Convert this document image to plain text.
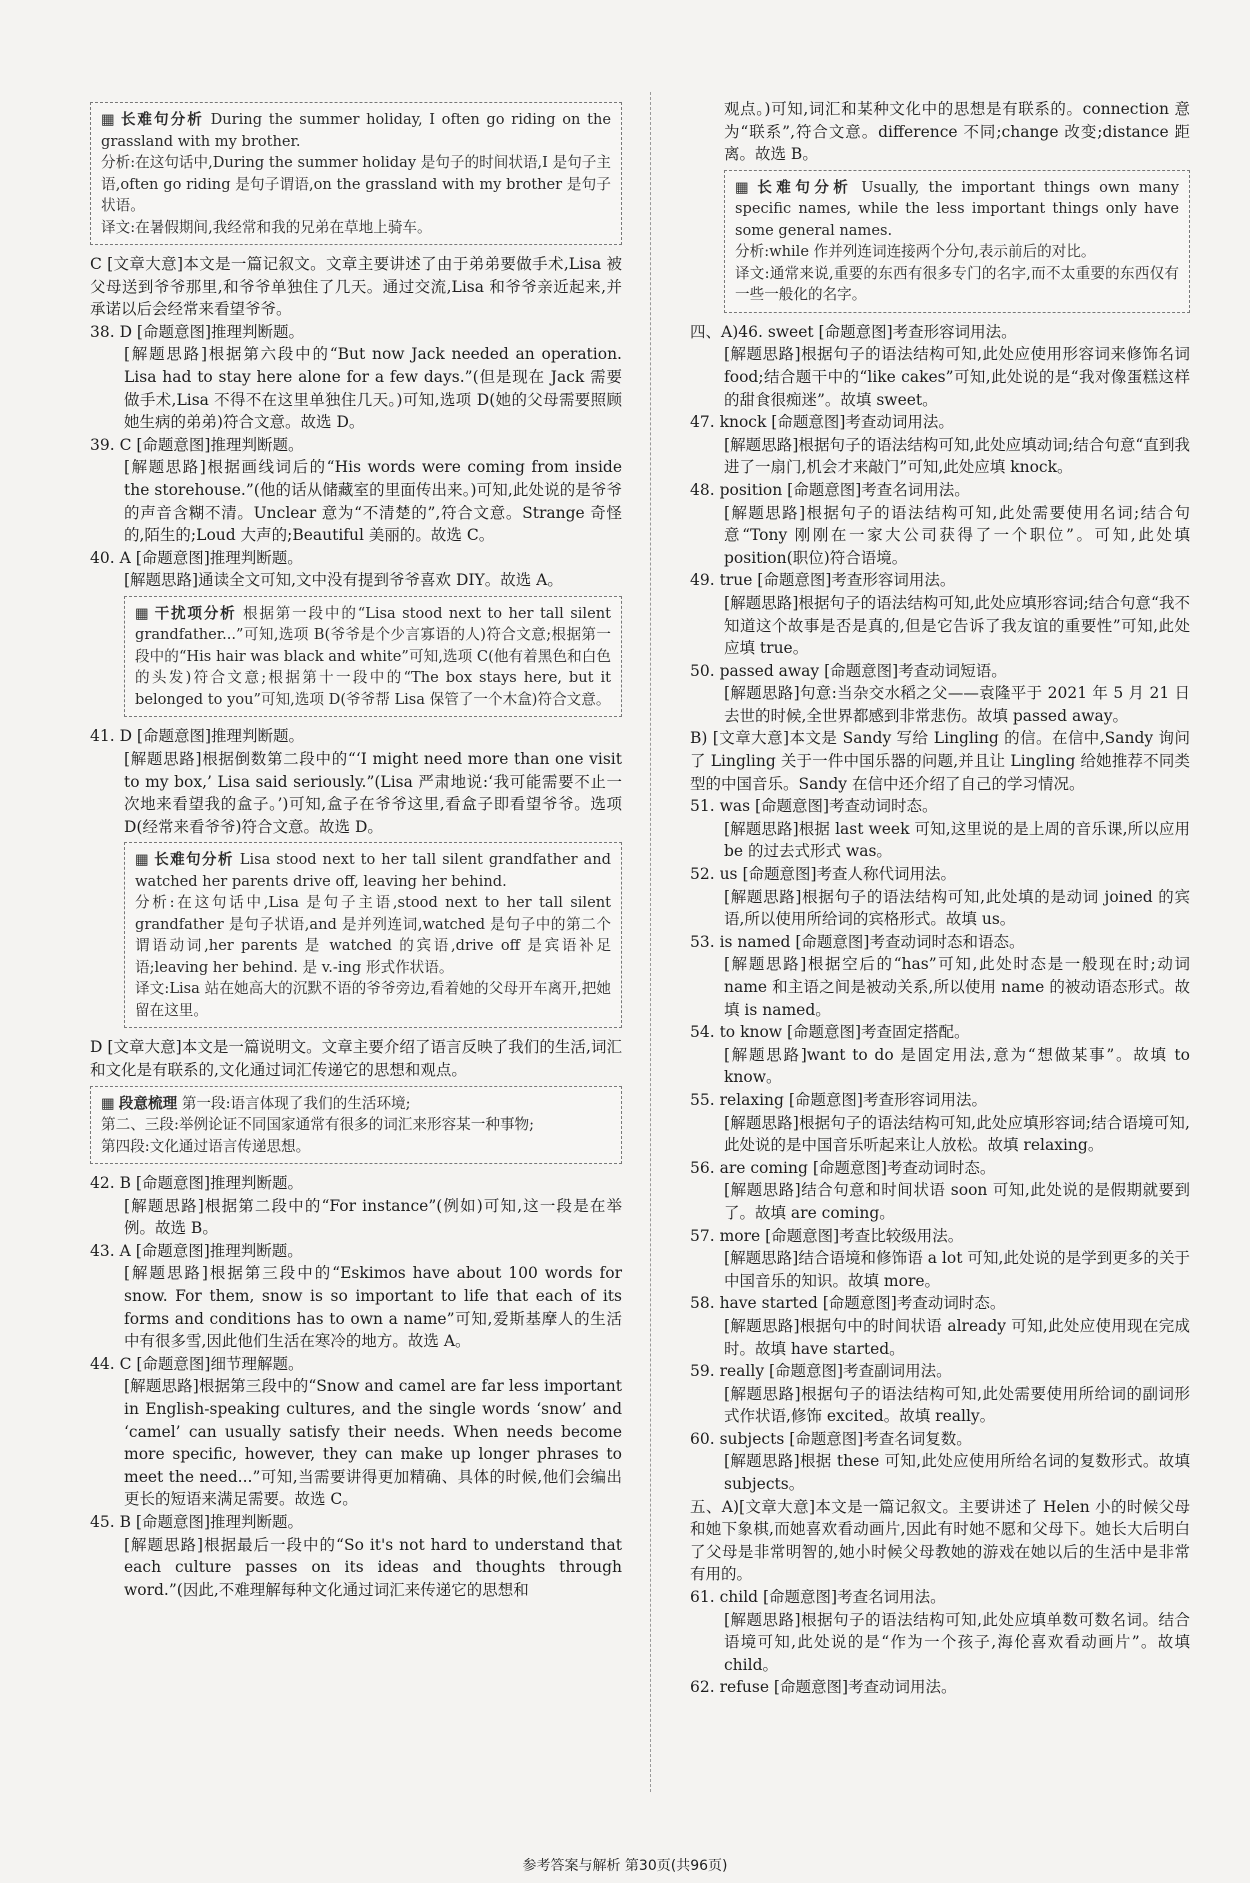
▦ 长难句分析 During the summer holiday, I often go riding on the grassland with my brother.

分析:在这句话中,During the summer holiday 是句子的时间状语,I 是句子主语,often go riding 是句子谓语,on the grassland with my brother 是句子状语。

译文:在暑假期间,我经常和我的兄弟在草地上骑车。

C [文章大意]本文是一篇记叙文。文章主要讲述了由于弟弟要做手术,Lisa 被父母送到爷爷那里,和爷爷单独住了几天。通过交流,Lisa 和爷爷亲近起来,并承诺以后会经常来看望爷爷。

38. D [命题意图]推理判断题。

[解题思路]根据第六段中的“But now Jack needed an operation. Lisa had to stay here alone for a few days.”(但是现在 Jack 需要做手术,Lisa 不得不在这里单独住几天。)可知,选项 D(她的父母需要照顾她生病的弟弟)符合文意。故选 D。

39. C [命题意图]推理判断题。

[解题思路]根据画线词后的“His words were coming from inside the storehouse.”(他的话从储藏室的里面传出来。)可知,此处说的是爷爷的声音含糊不清。Unclear 意为“不清楚的”,符合文意。Strange 奇怪的,陌生的;Loud 大声的;Beautiful 美丽的。故选 C。

40. A [命题意图]推理判断题。

[解题思路]通读全文可知,文中没有提到爷爷喜欢 DIY。故选 A。

▦ 干扰项分析 根据第一段中的“Lisa stood next to her tall silent grandfather...”可知,选项 B(爷爷是个少言寡语的人)符合文意;根据第一段中的“His hair was black and white”可知,选项 C(他有着黑色和白色的头发)符合文意;根据第十一段中的“The box stays here, but it belonged to you”可知,选项 D(爷爷帮 Lisa 保管了一个木盒)符合文意。

41. D [命题意图]推理判断题。

[解题思路]根据倒数第二段中的“‘I might need more than one visit to my box,’ Lisa said seriously.”(Lisa 严肃地说:‘我可能需要不止一次地来看望我的盒子。’)可知,盒子在爷爷这里,看盒子即看望爷爷。选项 D(经常来看爷爷)符合文意。故选 D。

▦ 长难句分析 Lisa stood next to her tall silent grandfather and watched her parents drive off, leaving her behind.

分析:在这句话中,Lisa 是句子主语,stood next to her tall silent grandfather 是句子状语,and 是并列连词,watched 是句子中的第二个谓语动词,her parents 是 watched 的宾语,drive off 是宾语补足语;leaving her behind. 是 v.-ing 形式作状语。

译文:Lisa 站在她高大的沉默不语的爷爷旁边,看着她的父母开车离开,把她留在这里。

D [文章大意]本文是一篇说明文。文章主要介绍了语言反映了我们的生活,词汇和文化是有联系的,文化通过词汇传递它的思想和观点。

▦ 段意梳理 第一段:语言体现了我们的生活环境;

第二、三段:举例论证不同国家通常有很多的词汇来形容某一种事物;

第四段:文化通过语言传递思想。

42. B [命题意图]推理判断题。

[解题思路]根据第二段中的“For instance”(例如)可知,这一段是在举例。故选 B。

43. A [命题意图]推理判断题。

[解题思路]根据第三段中的“Eskimos have about 100 words for snow. For them, snow is so important to life that each of its forms and conditions has to own a name”可知,爱斯基摩人的生活中有很多雪,因此他们生活在寒冷的地方。故选 A。

44. C [命题意图]细节理解题。

[解题思路]根据第三段中的“Snow and camel are far less important in English-speaking cultures, and the single words ‘snow’ and ‘camel’ can usually satisfy their needs. When needs become more specific, however, they can make up longer phrases to meet the need...”可知,当需要讲得更加精确、具体的时候,他们会编出更长的短语来满足需要。故选 C。

45. B [命题意图]推理判断题。

[解题思路]根据最后一段中的“So it's not hard to understand that each culture passes on its ideas and thoughts through word.”(因此,不难理解每种文化通过词汇来传递它的思想和

观点。)可知,词汇和某种文化中的思想是有联系的。connection 意为“联系”,符合文意。difference 不同;change 改变;distance 距离。故选 B。

▦ 长难句分析 Usually, the important things own many specific names, while the less important things only have some general names.

分析:while 作并列连词连接两个分句,表示前后的对比。

译文:通常来说,重要的东西有很多专门的名字,而不太重要的东西仅有一些一般化的名字。

四、A)46. sweet [命题意图]考查形容词用法。

[解题思路]根据句子的语法结构可知,此处应使用形容词来修饰名词 food;结合题干中的“like cakes”可知,此处说的是“我对像蛋糕这样的甜食很痴迷”。故填 sweet。

47. knock [命题意图]考查动词用法。

[解题思路]根据句子的语法结构可知,此处应填动词;结合句意“直到我进了一扇门,机会才来敲门”可知,此处应填 knock。

48. position [命题意图]考查名词用法。

[解题思路]根据句子的语法结构可知,此处需要使用名词;结合句意“Tony 刚刚在一家大公司获得了一个职位”。可知,此处填 position(职位)符合语境。

49. true [命题意图]考查形容词用法。

[解题思路]根据句子的语法结构可知,此处应填形容词;结合句意“我不知道这个故事是否是真的,但是它告诉了我友谊的重要性”可知,此处应填 true。

50. passed away [命题意图]考查动词短语。

[解题思路]句意:当杂交水稻之父——袁隆平于 2021 年 5 月 21 日去世的时候,全世界都感到非常悲伤。故填 passed away。

B) [文章大意]本文是 Sandy 写给 Lingling 的信。在信中,Sandy 询问了 Lingling 关于一件中国乐器的问题,并且让 Lingling 给她推荐不同类型的中国音乐。Sandy 在信中还介绍了自己的学习情况。

51. was [命题意图]考查动词时态。

[解题思路]根据 last week 可知,这里说的是上周的音乐课,所以应用 be 的过去式形式 was。

52. us [命题意图]考查人称代词用法。

[解题思路]根据句子的语法结构可知,此处填的是动词 joined 的宾语,所以使用所给词的宾格形式。故填 us。

53. is named [命题意图]考查动词时态和语态。

[解题思路]根据空后的“has”可知,此处时态是一般现在时;动词 name 和主语之间是被动关系,所以使用 name 的被动语态形式。故填 is named。

54. to know [命题意图]考查固定搭配。

[解题思路]want to do 是固定用法,意为“想做某事”。故填 to know。

55. relaxing [命题意图]考查形容词用法。

[解题思路]根据句子的语法结构可知,此处应填形容词;结合语境可知,此处说的是中国音乐听起来让人放松。故填 relaxing。

56. are coming [命题意图]考查动词时态。

[解题思路]结合句意和时间状语 soon 可知,此处说的是假期就要到了。故填 are coming。

57. more [命题意图]考查比较级用法。

[解题思路]结合语境和修饰语 a lot 可知,此处说的是学到更多的关于中国音乐的知识。故填 more。

58. have started [命题意图]考查动词时态。

[解题思路]根据句中的时间状语 already 可知,此处应使用现在完成时。故填 have started。

59. really [命题意图]考查副词用法。

[解题思路]根据句子的语法结构可知,此处需要使用所给词的副词形式作状语,修饰 excited。故填 really。

60. subjects [命题意图]考查名词复数。

[解题思路]根据 these 可知,此处应使用所给名词的复数形式。故填 subjects。

五、A)[文章大意]本文是一篇记叙文。主要讲述了 Helen 小的时候父母和她下象棋,而她喜欢看动画片,因此有时她不愿和父母下。她长大后明白了父母是非常明智的,她小时候父母教她的游戏在她以后的生活中是非常有用的。

61. child [命题意图]考查名词用法。

[解题思路]根据句子的语法结构可知,此处应填单数可数名词。结合语境可知,此处说的是“作为一个孩子,海伦喜欢看动画片”。故填 child。

62. refuse [命题意图]考查动词用法。

参考答案与解析 第30页(共96页)
